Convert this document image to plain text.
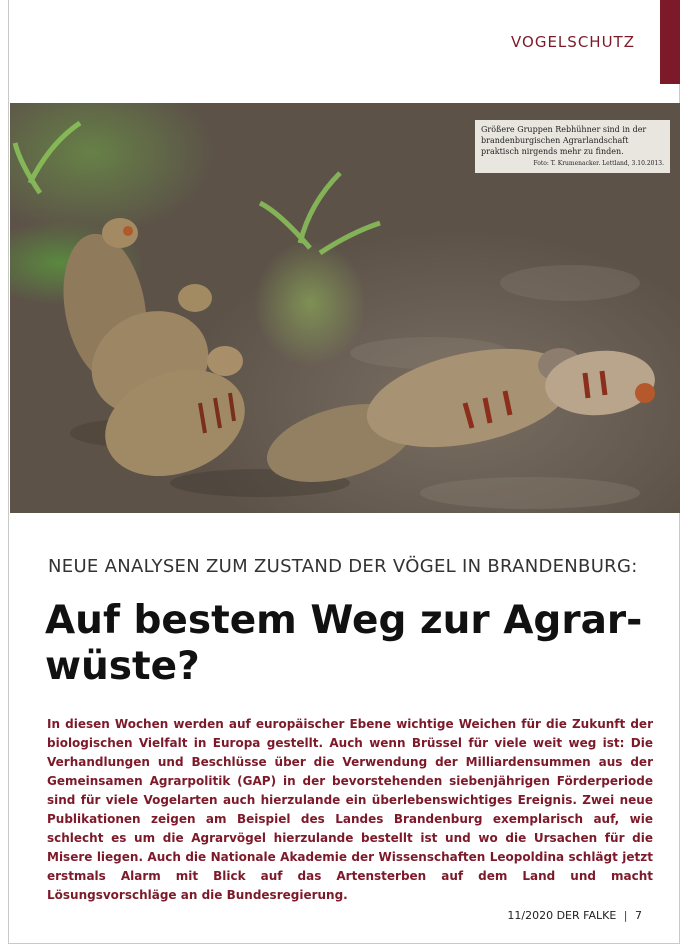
VOGELSCHUTZ
Größere Gruppen Rebhühner sind in der brandenburgischen Agrarlandschaft praktisch nirgends mehr zu finden.
Foto: T. Krumenacker. Lettland, 3.10.2013.
NEUE ANALYSEN ZUM ZUSTAND DER VÖGEL IN BRANDENBURG:
Auf bestem Weg zur Agrar-
wüste?
In diesen Wochen werden auf europäischer Ebene wichtige Weichen für die Zukunft der biologischen Vielfalt in Europa gestellt. Auch wenn Brüssel für viele weit weg ist: Die Verhandlungen und Beschlüsse über die Verwendung der Milliardensummen aus der Gemeinsamen Agrarpolitik (GAP) in der bevorstehenden siebenjährigen Förderperiode sind für viele Vogelarten auch hierzulande ein überlebenswichtiges Ereignis. Zwei neue Publikationen zeigen am Beispiel des Landes Brandenburg exemplarisch auf, wie schlecht es um die Agrarvögel hierzulande bestellt ist und wo die Ursachen für die Misere liegen. Auch die Nationale Akademie der Wissenschaften Leopoldina schlägt jetzt erstmals Alarm mit Blick auf das Artensterben auf dem Land und macht Lösungsvorschläge an die Bundesregierung.
11/2020 DER FALKE | 7
